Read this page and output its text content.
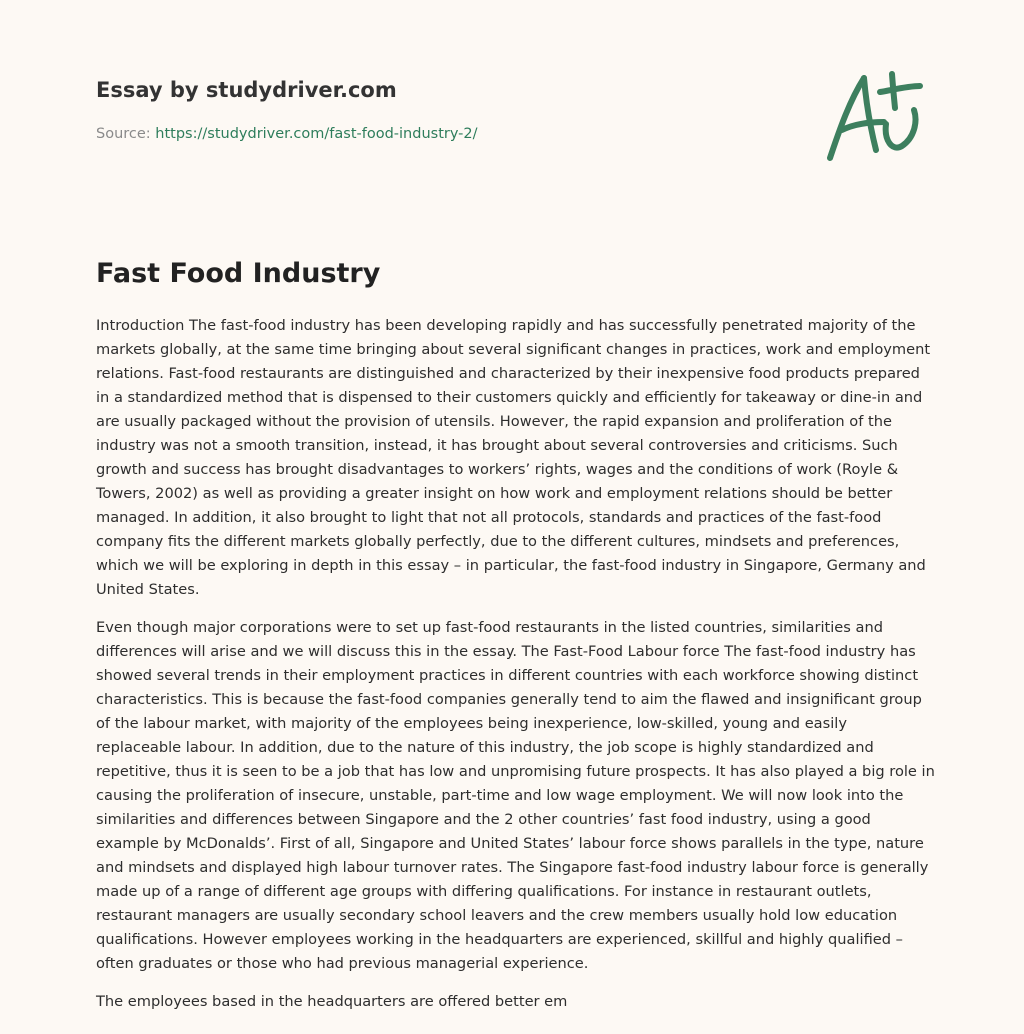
Essay by studydriver.com

Source: https://studydriver.com/fast-food-industry-2/

Fast Food Industry

Introduction The fast-food industry has been developing rapidly and has successfully penetrated majority of the markets globally, at the same time bringing about several significant changes in practices, work and employment relations. Fast-food restaurants are distinguished and characterized by their inexpensive food products prepared in a standardized method that is dispensed to their customers quickly and efficiently for takeaway or dine-in and are usually packaged without the provision of utensils. However, the rapid expansion and proliferation of the industry was not a smooth transition, instead, it has brought about several controversies and criticisms. Such growth and success has brought disadvantages to workers’ rights, wages and the conditions of work (Royle & Towers, 2002) as well as providing a greater insight on how work and employment relations should be better managed. In addition, it also brought to light that not all protocols, standards and practices of the fast-food company fits the different markets globally perfectly, due to the different cultures, mindsets and preferences, which we will be exploring in depth in this essay – in particular, the fast-food industry in Singapore, Germany and United States.

Even though major corporations were to set up fast-food restaurants in the listed countries, similarities and differences will arise and we will discuss this in the essay. The Fast-Food Labour force The fast-food industry has showed several trends in their employment practices in different countries with each workforce showing distinct characteristics. This is because the fast-food companies generally tend to aim the flawed and insignificant group of the labour market, with majority of the employees being inexperience, low-skilled, young and easily replaceable labour. In addition, due to the nature of this industry, the job scope is highly standardized and repetitive, thus it is seen to be a job that has low and unpromising future prospects. It has also played a big role in causing the proliferation of insecure, unstable, part-time and low wage employment. We will now look into the similarities and differences between Singapore and the 2 other countries’ fast food industry, using a good example by McDonalds’. First of all, Singapore and United States’ labour force shows parallels in the type, nature and mindsets and displayed high labour turnover rates. The Singapore fast-food industry labour force is generally made up of a range of different age groups with differing qualifications. For instance in restaurant outlets, restaurant managers are usually secondary school leavers and the crew members usually hold low education qualifications. However employees working in the headquarters are experienced, skillful and highly qualified – often graduates or those who had previous managerial experience.

The employees based in the headquarters are offered better em
